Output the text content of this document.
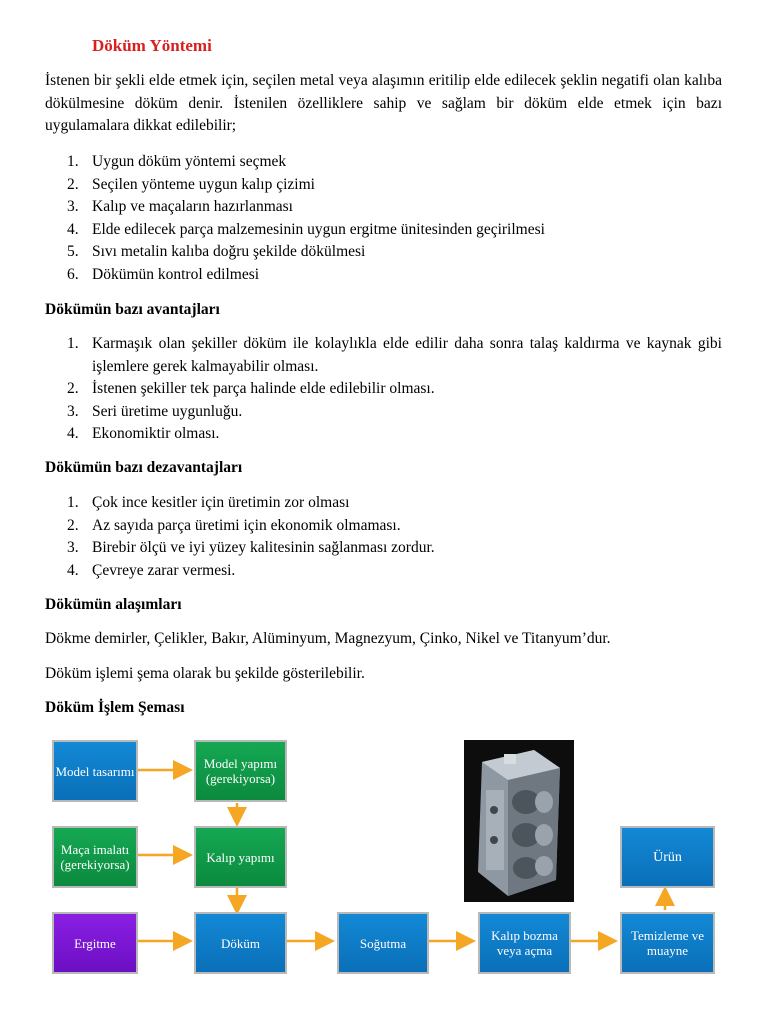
Döküm Yöntemi
İstenen bir şekli elde etmek için, seçilen metal veya alaşımın eritilip elde edilecek şeklin negatifi olan kalıba dökülmesine döküm denir. İstenilen özelliklere sahip ve sağlam bir döküm elde etmek için bazı uygulamalara dikkat edilebilir;
1. Uygun döküm yöntemi seçmek
2. Seçilen yönteme uygun kalıp çizimi
3. Kalıp ve maçaların hazırlanması
4. Elde edilecek parça malzemesinin uygun ergitme ünitesinden geçirilmesi
5. Sıvı metalin kalıba doğru şekilde dökülmesi
6. Dökümün kontrol edilmesi
Dökümün bazı avantajları
1. Karmaşık olan şekiller döküm ile kolaylıkla elde edilir daha sonra talaş kaldırma ve kaynak gibi işlemlere gerek kalmayabilir olması.
2. İstenen şekiller tek parça halinde elde edilebilir olması.
3. Seri üretime uygunluğu.
4. Ekonomiktir olması.
Dökümün bazı dezavantajları
1. Çok ince kesitler için üretimin zor olması
2. Az sayıda parça üretimi için ekonomik olmaması.
3. Birebir ölçü ve iyi yüzey kalitesinin sağlanması zordur.
4. Çevreye zarar vermesi.
Dökümün alaşımları
Dökme demirler, Çelikler, Bakır, Alüminyum, Magnezyum, Çinko, Nikel ve Titanyum’dur.
Döküm işlemi şema olarak bu şekilde gösterilebilir.
Döküm İşlem Şeması
Model tasarımı	Model yapımı (gerekiyorsa)
Maça imalatı (gerekiyorsa)	Kalıp yapımı
Ergitme	Döküm	Soğutma	Kalıp bozma veya açma
Temizleme ve muayne
Ürün
